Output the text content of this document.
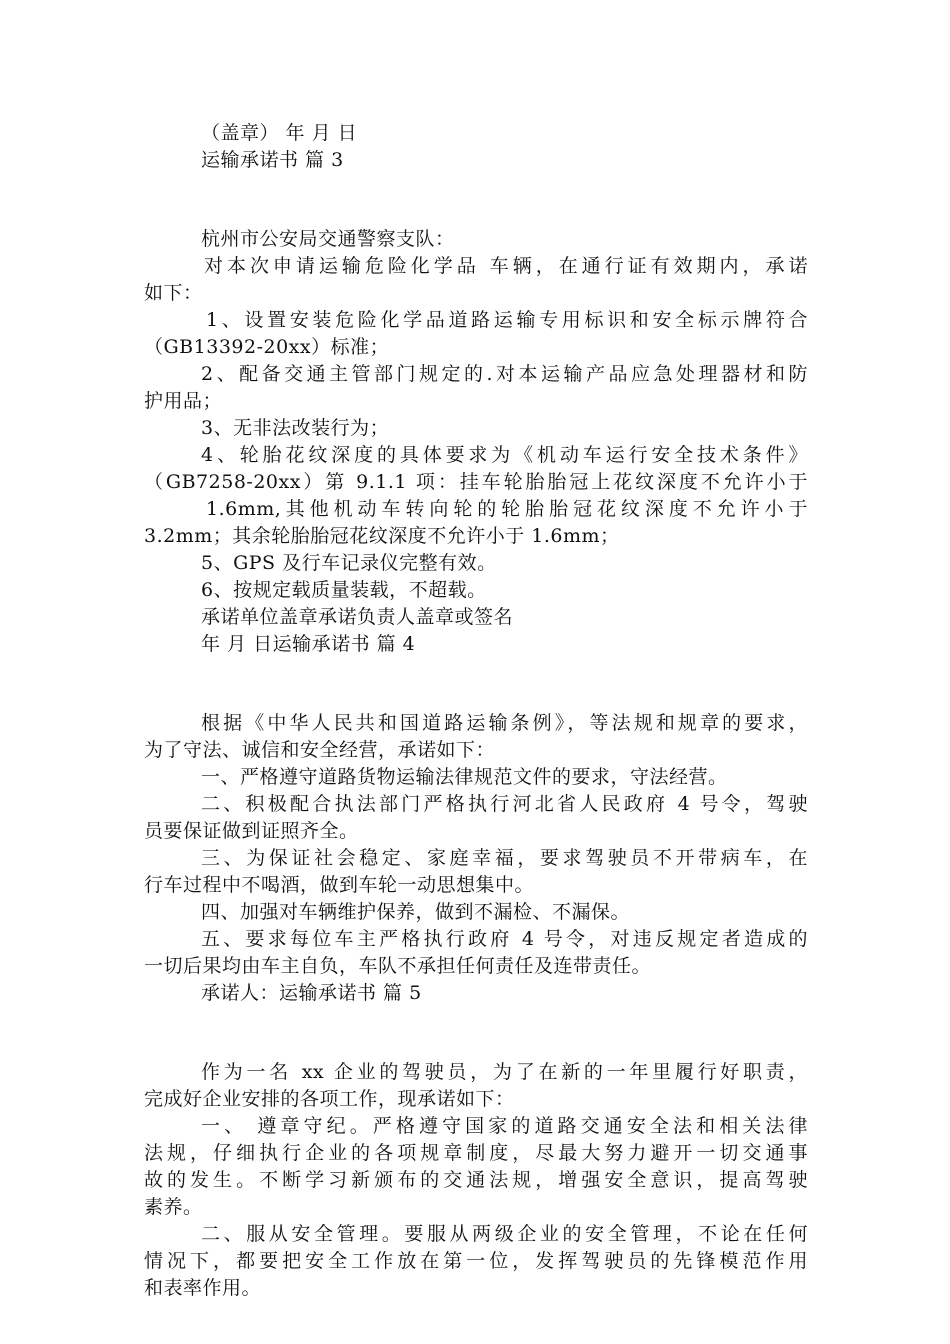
（盖章） 年 月 日
运输承诺书 篇 3
杭州市公安局交通警察支队：
对本次申请运输危险化学品 车辆，在通行证有效期内，承诺
如下：
1、设置安装危险化学品道路运输专用标识和安全标示牌符合
（GB13392-20xx）标准；
2、配备交通主管部门规定的.对本运输产品应急处理器材和防
护用品；
3、无非法改装行为；
4、轮胎花纹深度的具体要求为《机动车运行安全技术条件》
（GB7258-20xx）第 9.1.1 项：挂车轮胎胎冠上花纹深度不允许小于
1.6mm,其他机动车转向轮的轮胎胎冠花纹深度不允许小于
3.2mm；其余轮胎胎冠花纹深度不允许小于 1.6mm；
5、GPS 及行车记录仪完整有效。
6、按规定载质量装载，不超载。
承诺单位盖章承诺负责人盖章或签名
年 月 日运输承诺书 篇 4
根据《中华人民共和国道路运输条例》，等法规和规章的要求，
为了守法、诚信和安全经营，承诺如下：
一、严格遵守道路货物运输法律规范文件的要求，守法经营。
二、积极配合执法部门严格执行河北省人民政府 4 号令，驾驶
员要保证做到证照齐全。
三、为保证社会稳定、家庭幸福，要求驾驶员不开带病车，在
行车过程中不喝酒，做到车轮一动思想集中。
四、加强对车辆维护保养，做到不漏检、不漏保。
五、要求每位车主严格执行政府 4 号令，对违反规定者造成的
一切后果均由车主自负，车队不承担任何责任及连带责任。
承诺人：运输承诺书 篇 5
作为一名 xx 企业的驾驶员，为了在新的一年里履行好职责，
完成好企业安排的各项工作，现承诺如下：
一、 遵章守纪。严格遵守国家的道路交通安全法和相关法律
法规，仔细执行企业的各项规章制度，尽最大努力避开一切交通事
故的发生。不断学习新颁布的交通法规，增强安全意识，提高驾驶
素养。
二、服从安全管理。要服从两级企业的安全管理，不论在任何
情况下，都要把安全工作放在第一位，发挥驾驶员的先锋模范作用
和表率作用。
